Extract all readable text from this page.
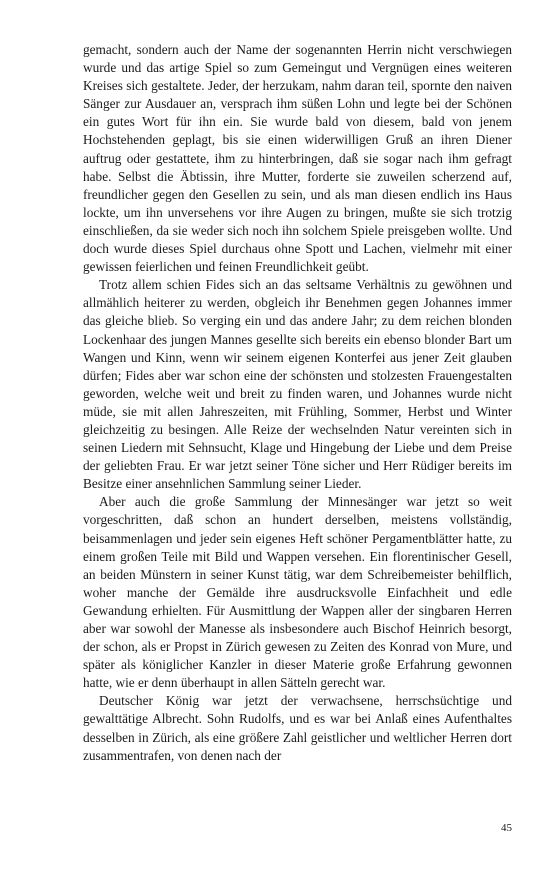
gemacht, sondern auch der Name der sogenannten Herrin nicht verschwiegen wurde und das artige Spiel so zum Gemeingut und Vergnügen eines weiteren Kreises sich gestaltete. Jeder, der herzukam, nahm daran teil, spornte den naiven Sänger zur Ausdauer an, versprach ihm süßen Lohn und legte bei der Schönen ein gutes Wort für ihn ein. Sie wurde bald von diesem, bald von jenem Hochstehenden geplagt, bis sie einen widerwilligen Gruß an ihren Diener auftrug oder gestattete, ihm zu hinterbringen, daß sie sogar nach ihm gefragt habe. Selbst die Äbtissin, ihre Mutter, forderte sie zuweilen scherzend auf, freundlicher gegen den Gesellen zu sein, und als man diesen endlich ins Haus lockte, um ihn unversehens vor ihre Augen zu bringen, mußte sie sich trotzig einschließen, da sie weder sich noch ihn solchem Spiele preisgeben wollte. Und doch wurde dieses Spiel durchaus ohne Spott und Lachen, vielmehr mit einer gewissen feierlichen und feinen Freundlichkeit geübt.

Trotz allem schien Fides sich an das seltsame Verhältnis zu gewöhnen und allmählich heiterer zu werden, obgleich ihr Benehmen gegen Johannes immer das gleiche blieb. So verging ein und das andere Jahr; zu dem reichen blonden Lockenhaar des jungen Mannes gesellte sich bereits ein ebenso blonder Bart um Wangen und Kinn, wenn wir seinem eigenen Konterfei aus jener Zeit glauben dürfen; Fides aber war schon eine der schönsten und stolzesten Frauengestalten geworden, welche weit und breit zu finden waren, und Johannes wurde nicht müde, sie mit allen Jahreszeiten, mit Frühling, Sommer, Herbst und Winter gleichzeitig zu besingen. Alle Reize der wechselnden Natur vereinten sich in seinen Liedern mit Sehnsucht, Klage und Hingebung der Liebe und dem Preise der geliebten Frau. Er war jetzt seiner Töne sicher und Herr Rüdiger bereits im Besitze einer ansehnlichen Sammlung seiner Lieder.

Aber auch die große Sammlung der Minnesänger war jetzt so weit vorgeschritten, daß schon an hundert derselben, meistens vollständig, beisammenlagen und jeder sein eigenes Heft schöner Pergamentblätter hatte, zu einem großen Teile mit Bild und Wappen versehen. Ein florentinischer Gesell, an beiden Münstern in seiner Kunst tätig, war dem Schreibemeister behilflich, woher manche der Gemälde ihre ausdrucksvolle Einfachheit und edle Gewandung erhielten. Für Ausmittlung der Wappen aller der singbaren Herren aber war sowohl der Manesse als insbesondere auch Bischof Heinrich besorgt, der schon, als er Propst in Zürich gewesen zu Zeiten des Konrad von Mure, und später als königlicher Kanzler in dieser Materie große Erfahrung gewonnen hatte, wie er denn überhaupt in allen Sätteln gerecht war.

Deutscher König war jetzt der verwachsene, herrschsüchtige und gewalttätige Albrecht. Sohn Rudolfs, und es war bei Anlaß eines Aufenthaltes desselben in Zürich, als eine größere Zahl geistlicher und weltlicher Herren dort zusammentrafen, von denen nach der

45
